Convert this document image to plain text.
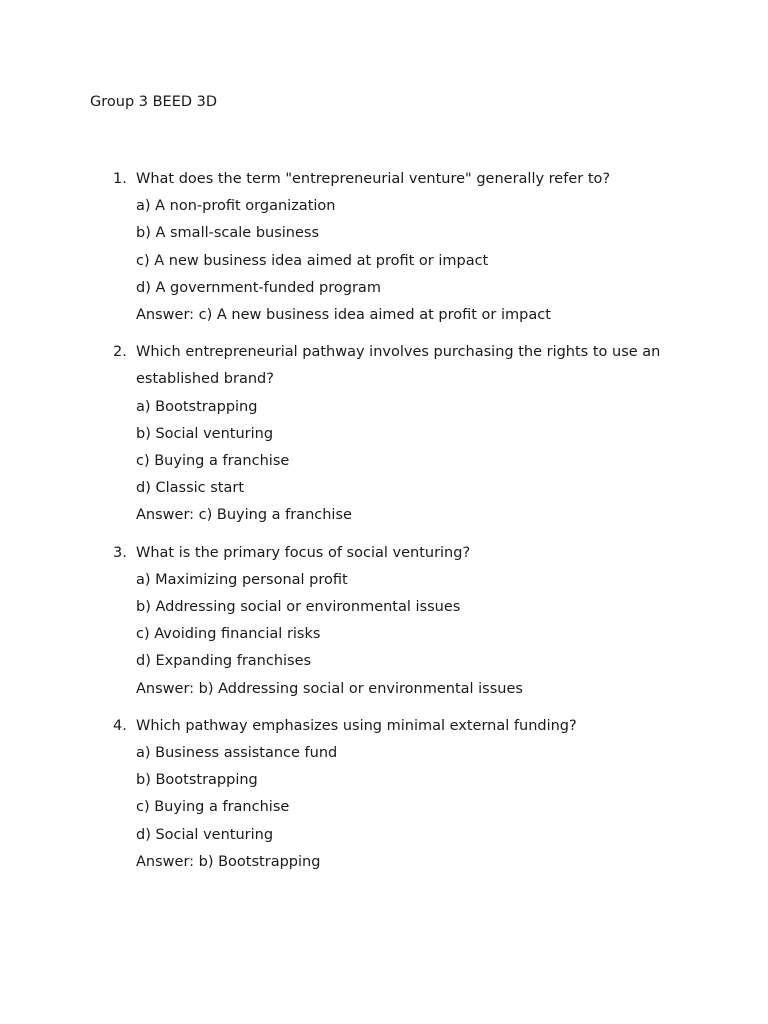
Group 3 BEED 3D

1. What does the term "entrepreneurial venture" generally refer to?
a) A non-profit organization
b) A small-scale business
c) A new business idea aimed at profit or impact
d) A government-funded program
Answer: c) A new business idea aimed at profit or impact
2. Which entrepreneurial pathway involves purchasing the rights to use an established brand?
a) Bootstrapping
b) Social venturing
c) Buying a franchise
d) Classic start
Answer: c) Buying a franchise
3. What is the primary focus of social venturing?
a) Maximizing personal profit
b) Addressing social or environmental issues
c) Avoiding financial risks
d) Expanding franchises
Answer: b) Addressing social or environmental issues
4. Which pathway emphasizes using minimal external funding?
a) Business assistance fund
b) Bootstrapping
c) Buying a franchise
d) Social venturing
Answer: b) Bootstrapping
